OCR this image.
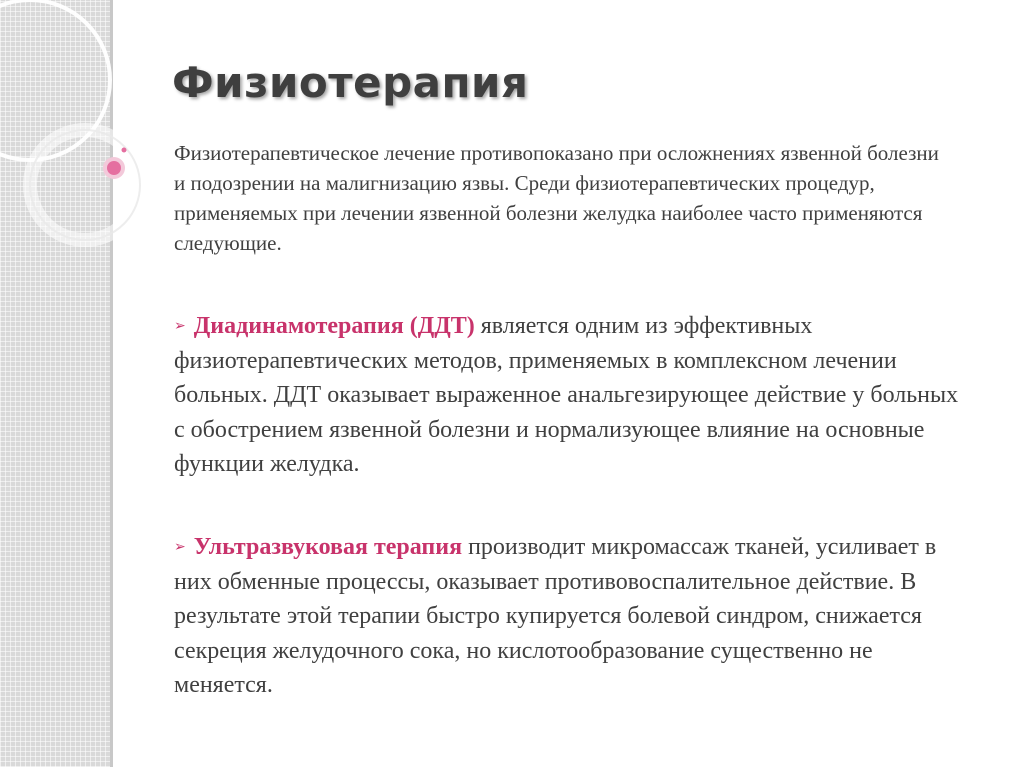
Физиотерапия

Физиотерапевтическое лечение противопоказано при осложнениях язвенной болезни и подозрении на малигнизацию язвы. Среди физиотерапевтических процедур, применяемых при лечении язвенной болезни желудка наиболее часто применяются следующие.

➢ Диадинамотерапия (ДДТ) является одним из эффективных физиотерапевтических методов, применяемых в комплексном лечении больных. ДДТ оказывает выраженное анальгезирующее действие у больных с обострением язвенной болезни и нормализующее влияние на основные функции желудка.

➢ Ультразвуковая терапия производит микромассаж тканей, усиливает в них обменные процессы, оказывает противовоспалительное действие. В результате этой терапии быстро купируется болевой синдром, снижается секреция желудочного сока, но кислотообразование существенно не меняется.
